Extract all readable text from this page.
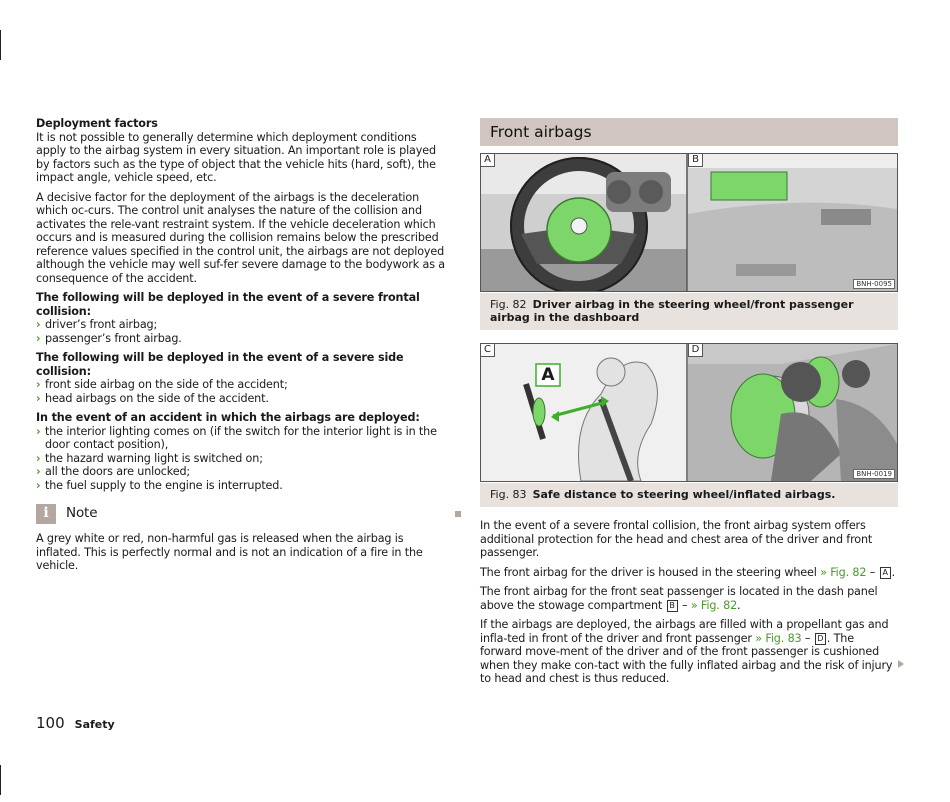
Deployment factors

It is not possible to generally determine which deployment conditions apply to the airbag system in every situation. An important role is played by factors such as the type of object that the vehicle hits (hard, soft), the impact angle, vehicle speed, etc.

A decisive factor for the deployment of the airbags is the deceleration which oc-curs. The control unit analyses the nature of the collision and activates the rele-vant restraint system. If the vehicle deceleration which occurs and is measured during the collision remains below the prescribed reference values specified in the control unit, the airbags are not deployed although the vehicle may well suf-fer severe damage to the bodywork as a consequence of the accident.

The following will be deployed in the event of a severe frontal collision:
› driver’s front airbag;
› passenger’s front airbag.
The following will be deployed in the event of a severe side collision:
› front side airbag on the side of the accident;
› head airbags on the side of the accident.
In the event of an accident in which the airbags are deployed:
› the interior lighting comes on (if the switch for the interior light is in the door contact position),
› the hazard warning light is switched on;
› all the doors are unlocked;
› the fuel supply to the engine is interrupted.
i	Note

A grey white or red, non-harmful gas is released when the airbag is inflated. This is perfectly normal and is not an indication of a fire in the vehicle.

Front airbags
A	B
BNH-0095
Fig. 82 Driver airbag in the steering wheel/front passenger airbag in the dashboard
C	D
A
BNH-0019
Fig. 83 Safe distance to steering wheel/inflated airbags.

In the event of a severe frontal collision, the front airbag system offers additional protection for the head and chest area of the driver and front passenger.

The front airbag for the driver is housed in the steering wheel » Fig. 82 – A .

The front airbag for the front seat passenger is located in the dash panel above the stowage compartment B – » Fig. 82.

If the airbags are deployed, the airbags are filled with a propellant gas and infla-ted in front of the driver and front passenger » Fig. 83 – D . The forward move-ment of the driver and of the front passenger is cushioned when they make con-tact with the fully inflated airbag and the risk of injury to head and chest is thus reduced.

100 Safety
